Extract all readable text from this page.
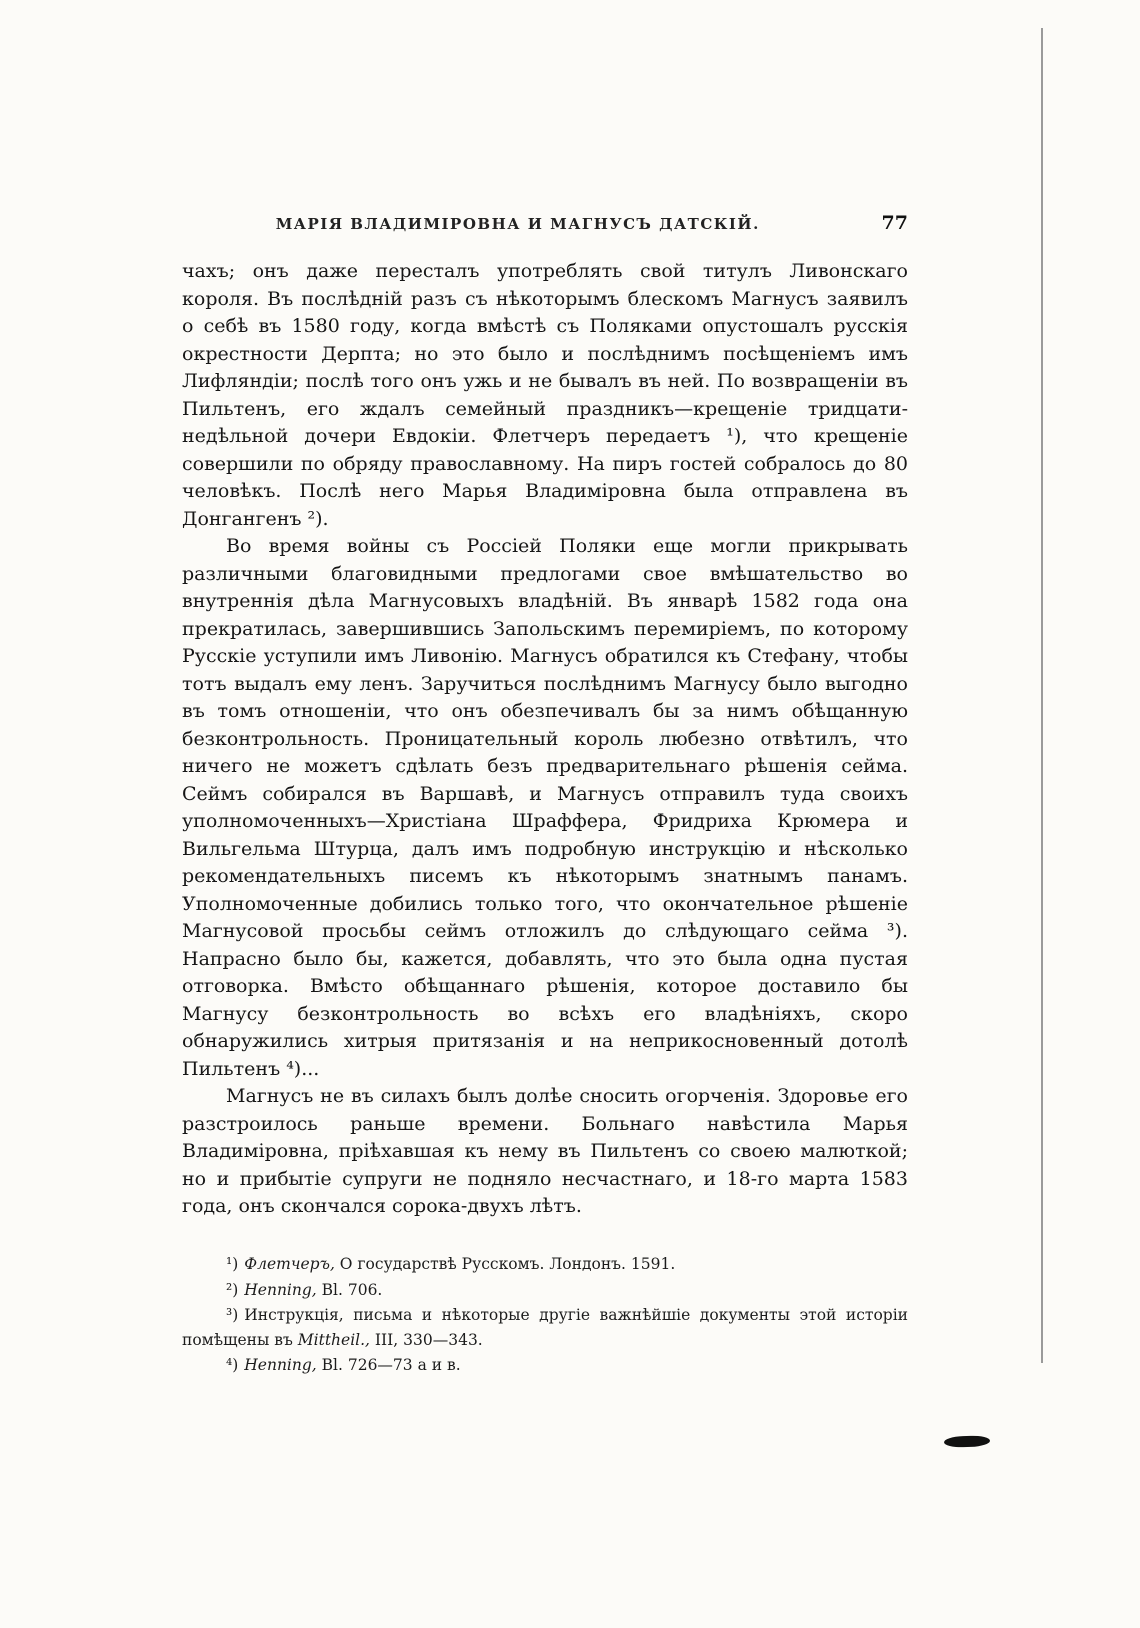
МАРІЯ ВЛАДИМІРОВНА И МАГНУСЪ ДАТСКІЙ.	77

чахъ; онъ даже пересталъ употреблять свой титулъ Ливонскаго короля. Въ послѣдній разъ съ нѣкоторымъ блескомъ Магнусъ заявилъ о себѣ въ 1580 году, когда вмѣстѣ съ Поляками опустошалъ русскія окрестности Дерпта; но это было и послѣднимъ посѣщеніемъ имъ Лифляндіи; послѣ того онъ ужь и не бывалъ въ ней. По возвращеніи въ Пильтенъ, его ждалъ семейный праздникъ—крещеніе тридцати-недѣльной дочери Евдокіи. Флетчеръ передаетъ ¹), что крещеніе совершили по обряду православному. На пиръ гостей собралось до 80 человѣкъ. Послѣ него Марья Владиміровна была отправлена въ Донгангенъ ²).

Во время войны съ Россіей Поляки еще могли прикрывать различными благовидными предлогами свое вмѣшательство во внутреннія дѣла Магнусовыхъ владѣній. Въ январѣ 1582 года она прекратилась, завершившись Запольскимъ перемиріемъ, по которому Русскіе уступили имъ Ливонію. Магнусъ обратился къ Стефану, чтобы тотъ выдалъ ему ленъ. Заручиться послѣднимъ Магнусу было выгодно въ томъ отношеніи, что онъ обезпечивалъ бы за нимъ обѣщанную безконтрольность. Проницательный король любезно отвѣтилъ, что ничего не можетъ сдѣлать безъ предварительнаго рѣшенія сейма. Сеймъ собирался въ Варшавѣ, и Магнусъ отправилъ туда своихъ уполномоченныхъ—Христіана Шраффера, Фридриха Крюмера и Вильгельма Штурца, далъ имъ подробную инструкцію и нѣсколько рекомендательныхъ писемъ къ нѣкоторымъ знатнымъ панамъ. Уполномоченные добились только того, что окончательное рѣшеніе Магнусовой просьбы сеймъ отложилъ до слѣдующаго сейма ³). Напрасно было бы, кажется, добавлять, что это была одна пустая отговорка. Вмѣсто обѣщаннаго рѣшенія, которое доставило бы Магнусу безконтрольность во всѣхъ его владѣніяхъ, скоро обнаружились хитрыя притязанія и на неприкосновенный дотолѣ Пильтенъ ⁴)...

Магнусъ не въ силахъ былъ долѣе сносить огорченія. Здоровье его разстроилось раньше времени. Больнаго навѣстила Марья Владиміровна, пріѣхавшая къ нему въ Пильтенъ со своею малюткой; но и прибытіе супруги не подняло несчастнаго, и 18-го марта 1583 года, онъ скончался сорока-двухъ лѣтъ.

¹) Флетчеръ, О государствѣ Русскомъ. Лондонъ. 1591.

²) Henning, Bl. 706.

³) Инструкція, письма и нѣкоторые другіе важнѣйшіе документы этой исторіи помѣщены въ Mittheil., III, 330—343.

⁴) Henning, Bl. 726—73 а и в.
